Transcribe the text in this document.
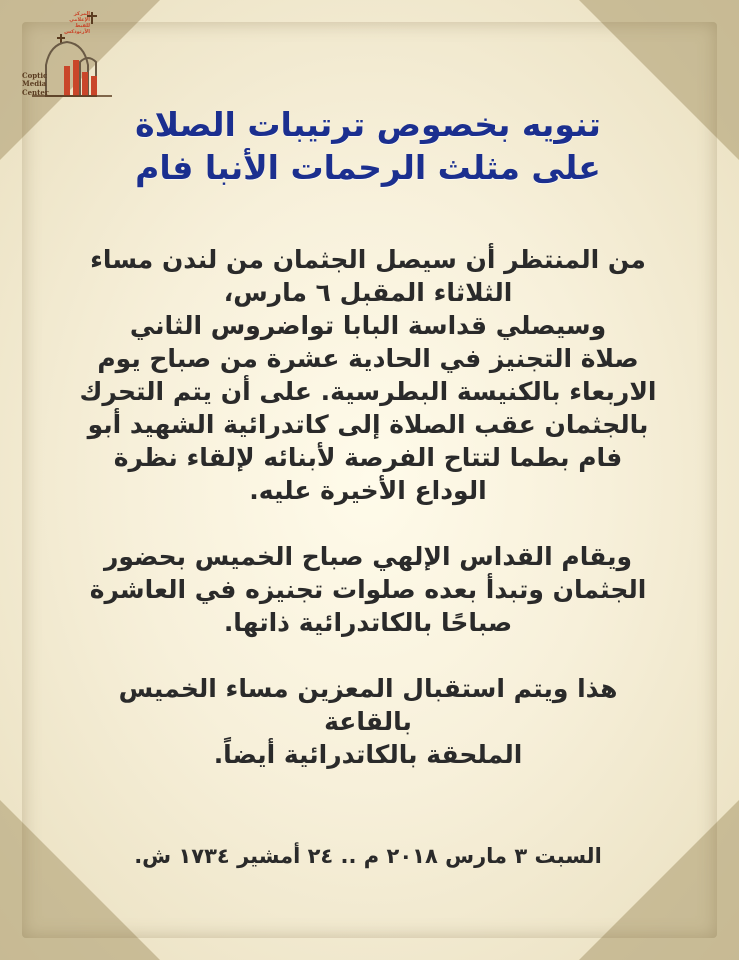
Coptic
Media
Center
المركز الإعلامي للقبط الأرثوذكس
تنويه بخصوص ترتيبات الصلاة
على مثلث الرحمات الأنبا فام

من المنتظر أن سيصل الجثمان من لندن مساء
الثلاثاء المقبل ٦ مارس،
وسيصلي قداسة البابا تواضروس الثاني
صلاة التجنيز في الحادية عشرة من صباح يوم
الاربعاء بالكنيسة البطرسية. على أن يتم التحرك
بالجثمان عقب الصلاة إلى كاتدرائية الشهيد أبو
فام بطما لتتاح الفرصة لأبنائه لإلقاء نظرة
الوداع الأخيرة عليه.

ويقام القداس الإلهي صباح الخميس بحضور
الجثمان وتبدأ بعده صلوات تجنيزه في العاشرة
صباحًا بالكاتدرائية ذاتها.

هذا ويتم استقبال المعزين مساء الخميس بالقاعة
الملحقة بالكاتدرائية أيضاً.

السبت ٣ مارس ٢٠١٨ م .. ٢٤ أمشير ١٧٣٤ ش.
